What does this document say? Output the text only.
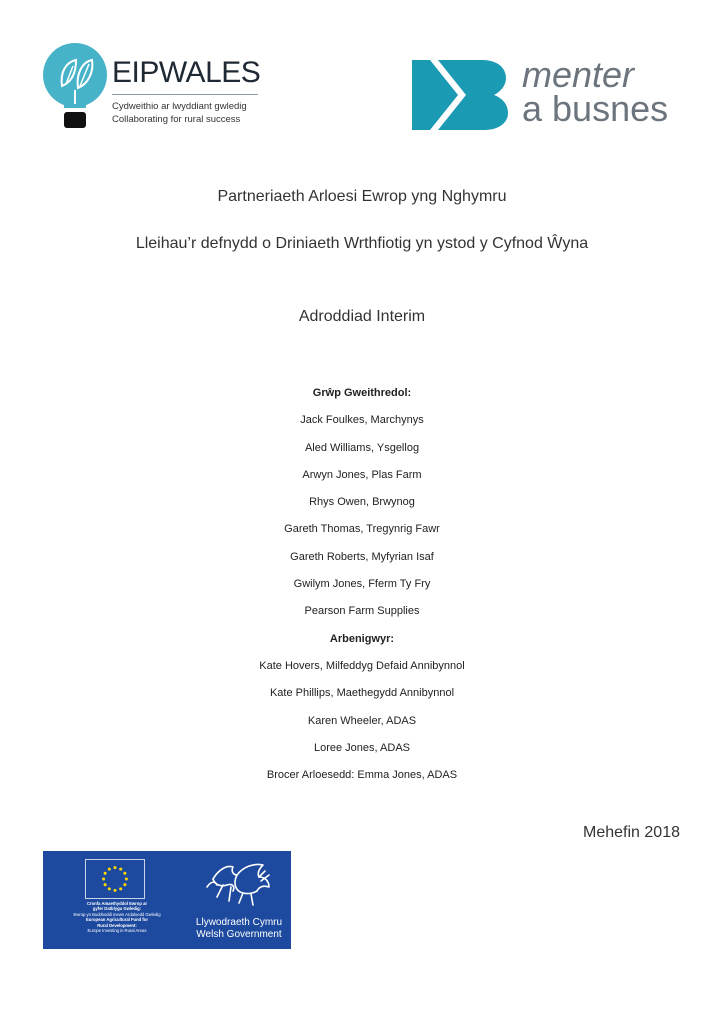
EIPWALES
Cydweithio ar lwyddiant gwledig
Collaborating for rural success
menter
a busnes
Partneriaeth Arloesi Ewrop yng Nghymru
Lleihau’r defnydd o Driniaeth Wrthfiotig yn ystod y Cyfnod Ŵyna
Adroddiad Interim
Grŵp Gweithredol:
Jack Foulkes, Marchynys
Aled Williams, Ysgellog
Arwyn Jones, Plas Farm
Rhys Owen, Brwynog
Gareth Thomas, Tregynrig Fawr
Gareth Roberts, Myfyrian Isaf
Gwilym Jones, Fferm Ty Fry
Pearson Farm Supplies
Arbenigwyr:
Kate Hovers, Milfeddyg Defaid Annibynnol
Kate Phillips, Maethegydd Annibynnol
Karen Wheeler, ADAS
Loree Jones, ADAS
Brocer Arloesedd: Emma Jones, ADAS
Mehefin 2018
Cronfa Amaethyddol Ewrop ar
gyfer Datblygu Gwledig:
Ewrop yn Buddsoddi mewn Ardaloedd Gwledig
European Agricultural Fund for
Rural Development:
Europe Investing in Rural Areas
Llywodraeth Cymru
Welsh Government
